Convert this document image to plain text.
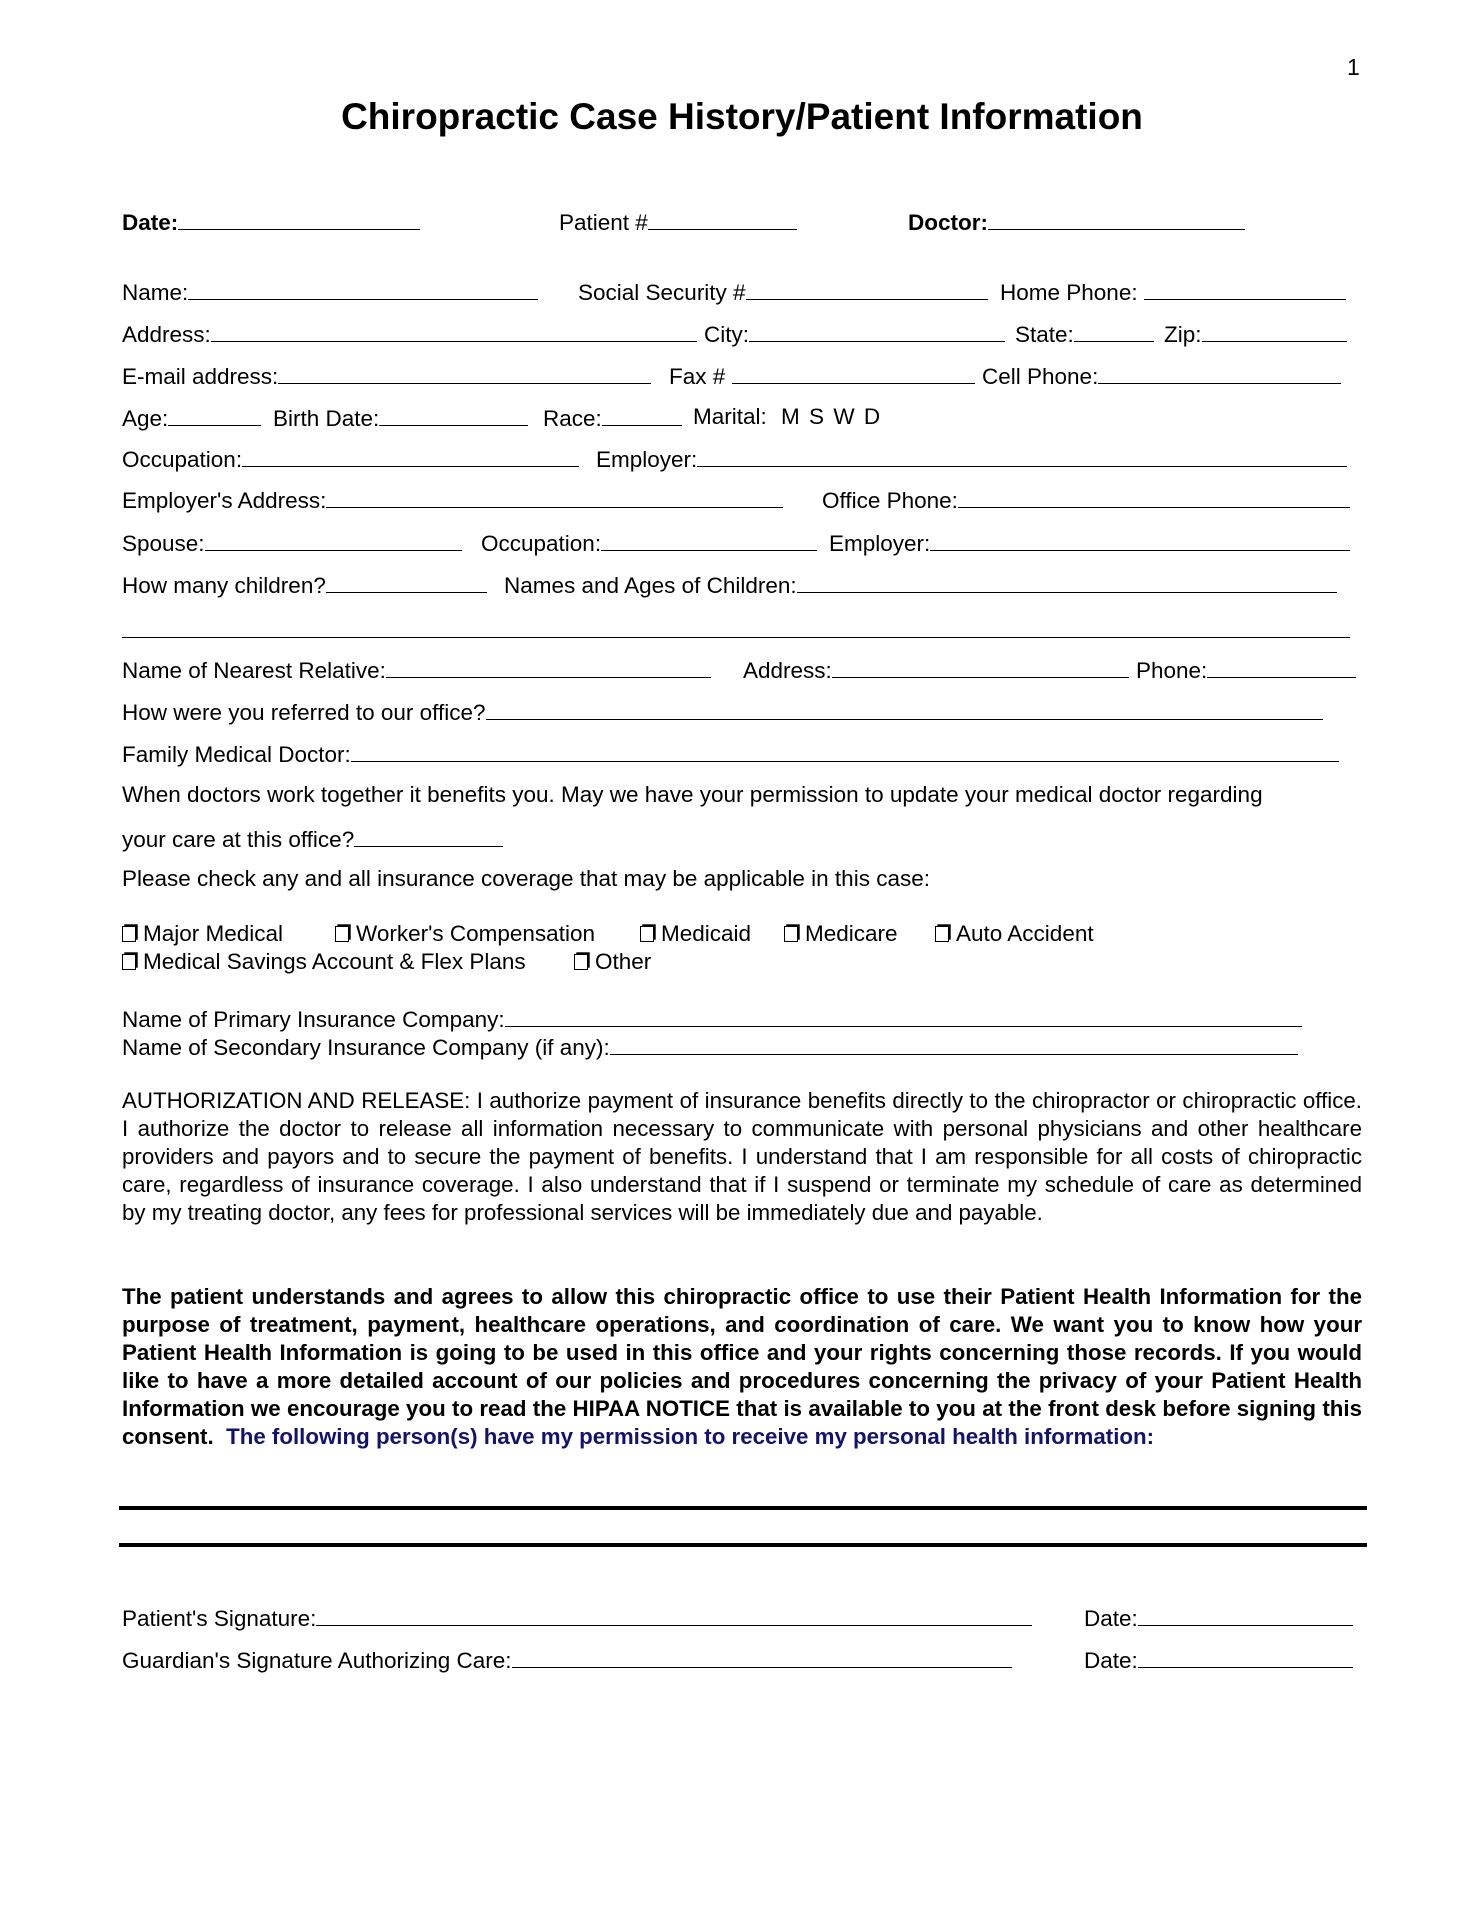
1
Chiropractic Case History/Patient Information
Date:	Patient #	Doctor:
Name:	Social Security #	Home Phone:
Address:	City:	State:	Zip:
E-mail address:	Fax #	Cell Phone:
Age:	Birth Date:	Race:	Marital: M S W D
Occupation:	Employer:
Employer's Address:	Office Phone:
Spouse:	Occupation:	Employer:
How many children?	Names and Ages of Children:
Name of Nearest Relative:	Address:	Phone:
How were you referred to our office?
Family Medical Doctor:
When doctors work together it benefits you. May we have your permission to update your medical doctor regarding
your care at this office?
Please check any and all insurance coverage that may be applicable in this case:
Major Medical	Worker's Compensation	Medicaid	Medicare	Auto Accident
Medical Savings Account & Flex Plans	Other
Name of Primary Insurance Company:
Name of Secondary Insurance Company (if any):
AUTHORIZATION AND RELEASE: I authorize payment of insurance benefits directly to the chiropractor or chiropractic office. I authorize the doctor to release all information necessary to communicate with personal physicians and other healthcare providers and payors and to secure the payment of benefits. I understand that I am responsible for all costs of chiropractic care, regardless of insurance coverage. I also understand that if I suspend or terminate my schedule of care as determined by my treating doctor, any fees for professional services will be immediately due and payable.
The patient understands and agrees to allow this chiropractic office to use their Patient Health Information for the purpose of treatment, payment, healthcare operations, and coordination of care. We want you to know how your Patient Health Information is going to be used in this office and your rights concerning those records. If you would like to have a more detailed account of our policies and procedures concerning the privacy of your Patient Health Information we encourage you to read the HIPAA NOTICE that is available to you at the front desk before signing this consent. The following person(s) have my permission to receive my personal health information:
Patient's Signature:	Date:
Guardian's Signature Authorizing Care:	Date:
